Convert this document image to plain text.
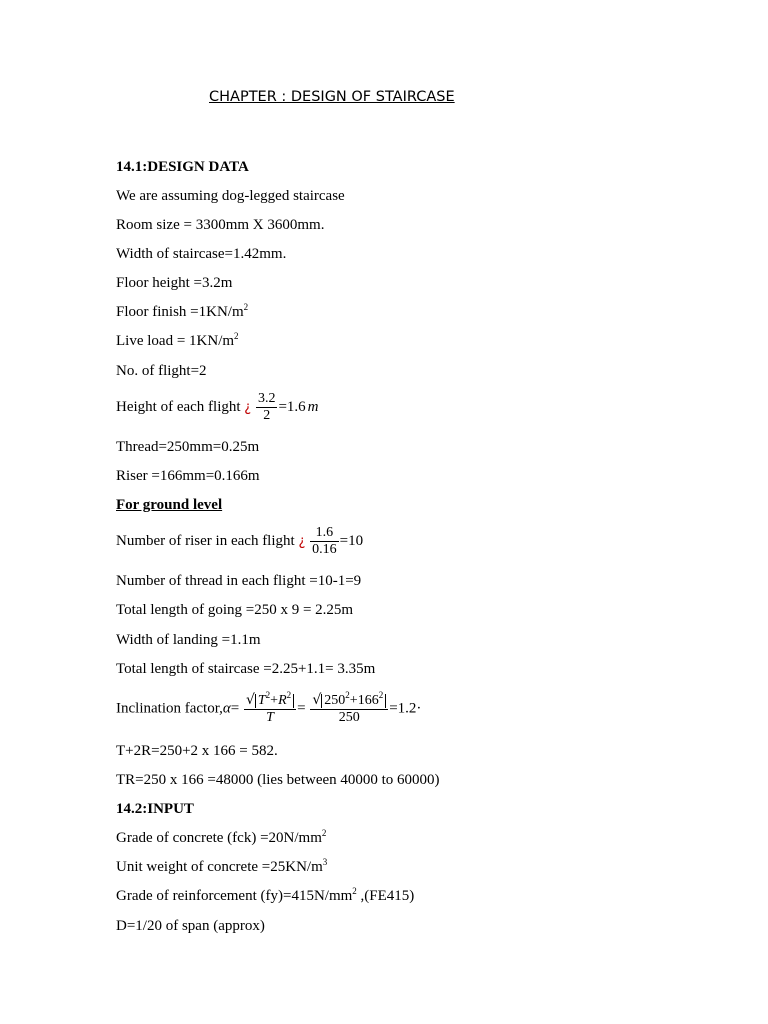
CHAPTER : DESIGN OF STAIRCASE
14.1:DESIGN DATA
We are assuming dog-legged staircase
Room size = 3300mm X 3600mm.
Width of staircase=1.42mm.
Floor height =3.2m
Floor finish $=1KN/m^2$
Live load = $1KN/m^2$
No. of flight=2
Height of each flight ¿ $\frac{3.2}{2} =1.6$ m
Thread=250mm=0.25m
Riser =166mm=0.166m
For ground level
Number of riser in each flight ¿ $\frac{1.6}{0.16} =10$
Number of thread in each flight =10-1=9
Total length of going =250 x 9 = 2.25m
Width of landing =1.1m
Total length of staircase =2.25+1.1= 3.35m
Inclination factor,α= $\frac{√ T^2+R^2}{T} = \frac{√ 250^2+166^2}{250} =1.2\cdot$
T+2R=250+2 x 166 = 582.
TR=250 x 166 =48000 (lies between 40000 to 60000)
14.2:INPUT
Grade of concrete $(fck) =20N/mm^2$
Unit weight of concrete $=25KN/m^3$
Grade of reinforcement $(fy)=415N/mm^2$ ,(FE415)
D=1/20 of span (approx)
